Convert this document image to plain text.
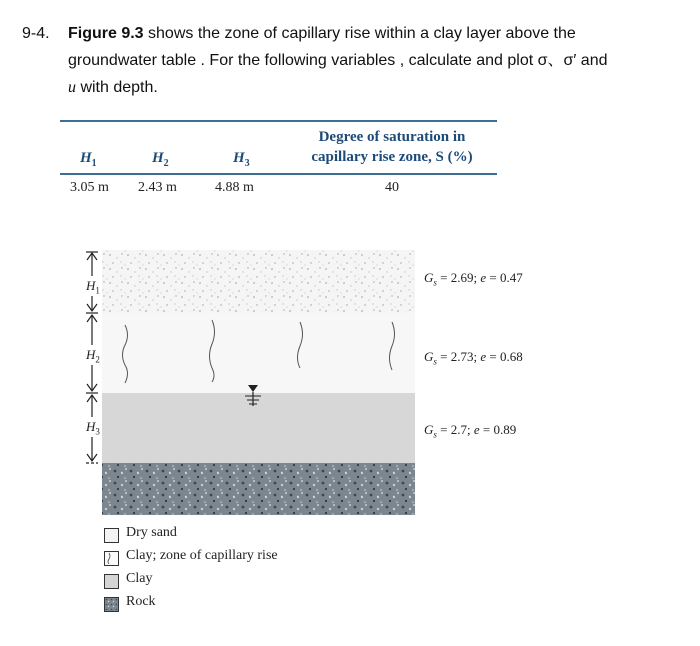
9-4. Figure 9.3 shows the zone of capillary rise within a clay layer above the
groundwater table . For the following variables , calculate and plot σ、σ′ and
u with depth.
$H_1$	$H_2$	$H_3$
Degree of saturation in
capillary rise zone, S (%)
3.05 m 2.43 m	4.88 m	40
$H_1$
$H_2$
$H_3$
$G_s = 2.69$; e = 0.47
$G_s = 2.73$; e = 0.68
$G_s = 2.7$; e = 0.89
Dry sand
Clay; zone of capillary rise
Clay
Rock
